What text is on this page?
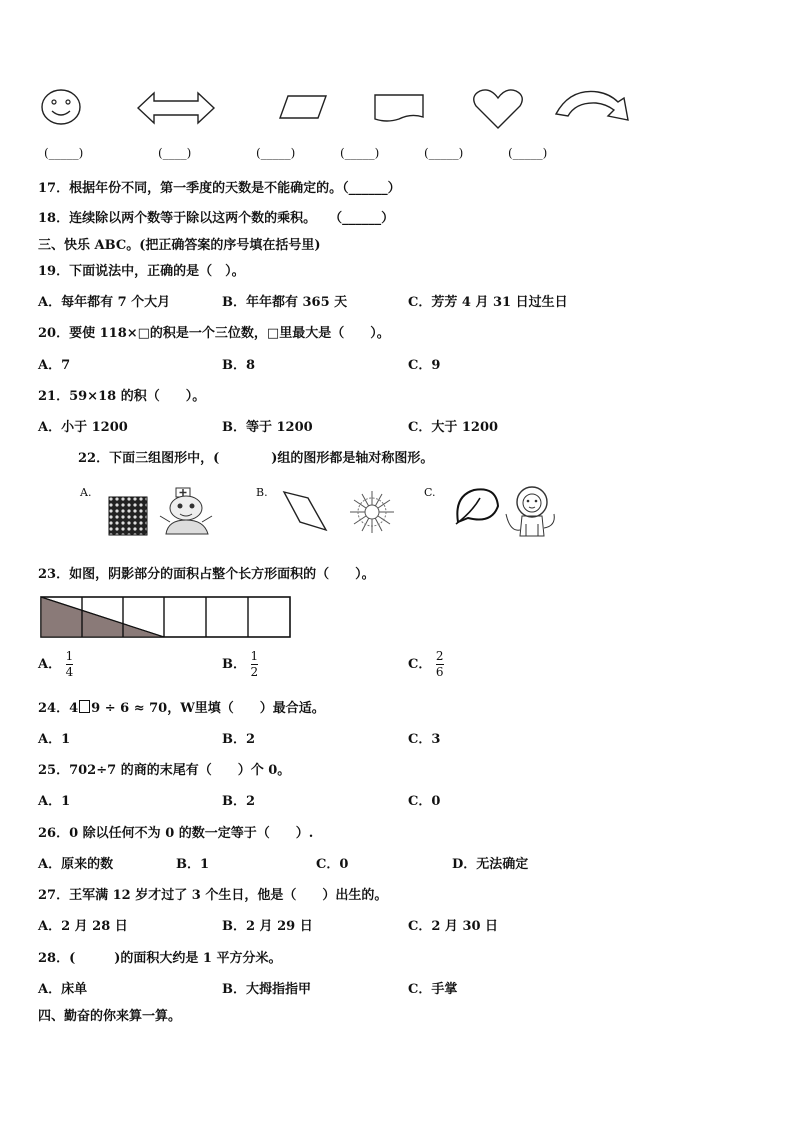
(_____)	(____)	(_____)	(_____)	(_____)	(_____)
17．根据年份不同，第一季度的天数是不能确定的。（______）
18．连续除以两个数等于除以这两个数的乘积。　　（______）
三、快乐 ABC。(把正确答案的序号填在括号里)
19．下面说法中，正确的是（　）。
A．每年都有 7 个大月	B．年年都有 365 天	C．芳芳 4 月 31 日过生日
20．要使 118×□的积是一个三位数，□里最大是（　　）。
A．7	B．8	C．9
21．59×18 的积（　　）。
A．小于 1200	B．等于 1200	C．大于 1200
22．下面三组图形中，(　　　　)组的图形都是轴对称图形。
A.	B.	C.
23．如图，阴影部分的面积占整个长方形面积的（　　）。
A． $\frac{1}{4}$	B． $\frac{1}{2}$	C． $\frac{2}{6}$
24．4 9 ÷ 6 ≈ 70，W里填（　　）最合适。
A．1	B．2	C．3
25．702÷7 的商的末尾有（　　）个 0。
A．1	B．2	C．0
26．0 除以任何不为 0 的数一定等于（　　）.
A．原来的数	B．1	C．0	D．无法确定
27．王军满 12 岁才过了 3 个生日，他是（　　）出生的。
A．2 月 28 日	B．2 月 29 日	C．2 月 30 日
28．(　　　)的面积大约是 1 平方分米。
A．床单	B．大拇指指甲	C．手掌
四、勤奋的你来算一算。
